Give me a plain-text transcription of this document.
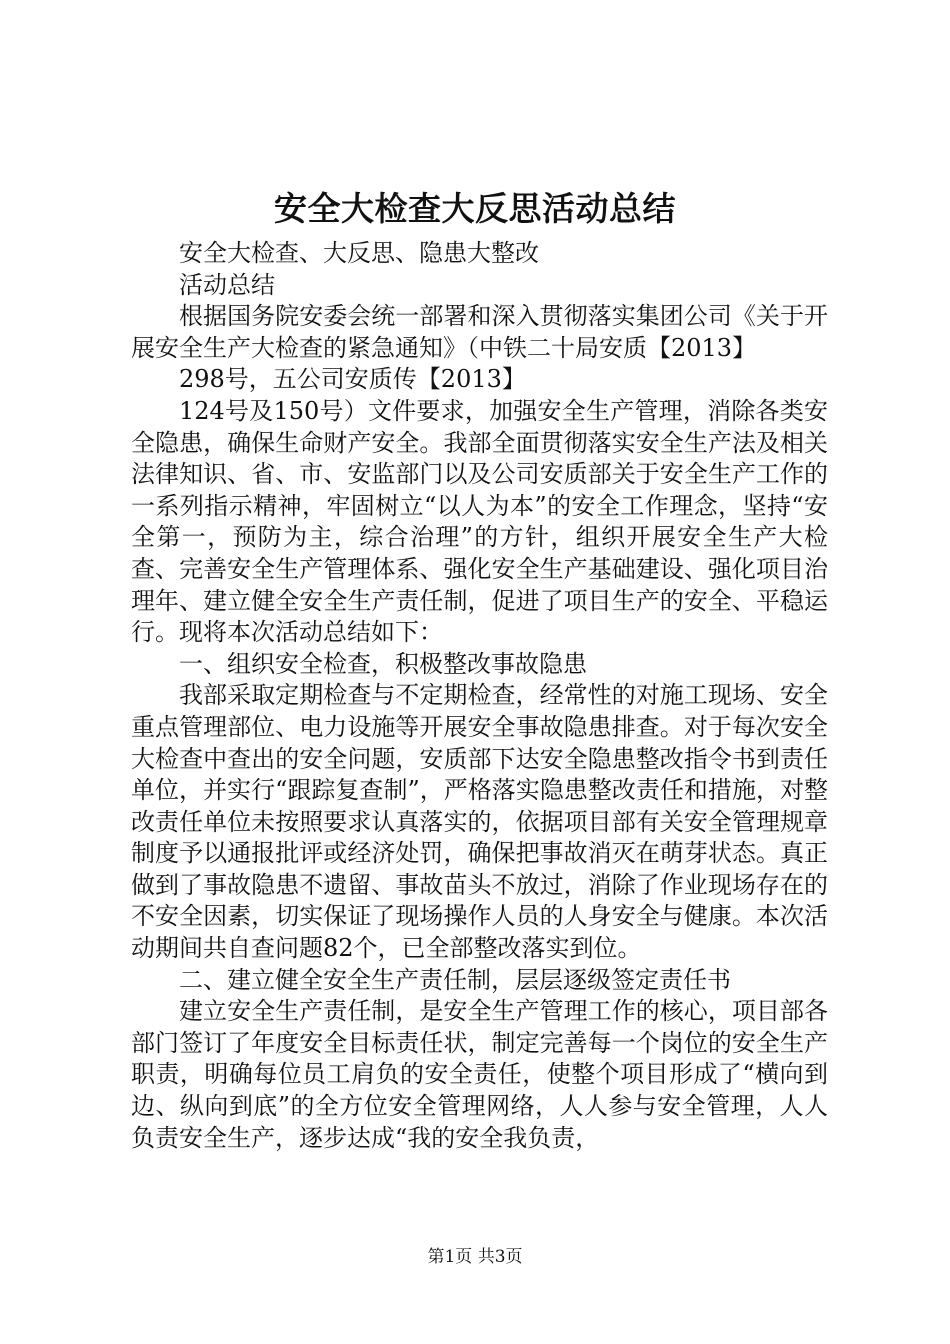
安全大检查大反思活动总结

安全大检查、大反思、隐患大整改

活动总结

根据国务院安委会统一部署和深入贯彻落实集团公司《关于开展安全生产大检查的紧急通知》（中铁二十局安质【2013】

298号，五公司安质传【2013】

124号及150号）文件要求，加强安全生产管理，消除各类安全隐患，确保生命财产安全。我部全面贯彻落实安全生产法及相关法律知识、省、市、安监部门以及公司安质部关于安全生产工作的一系列指示精神，牢固树立“以人为本”的安全工作理念，坚持“安全第一，预防为主，综合治理”的方针，组织开展安全生产大检查、完善安全生产管理体系、强化安全生产基础建设、强化项目治理年、建立健全安全生产责任制，促进了项目生产的安全、平稳运行。现将本次活动总结如下：

一、组织安全检查，积极整改事故隐患

我部采取定期检查与不定期检查，经常性的对施工现场、安全重点管理部位、电力设施等开展安全事故隐患排查。对于每次安全大检查中查出的安全问题，安质部下达安全隐患整改指令书到责任单位，并实行“跟踪复查制”，严格落实隐患整改责任和措施，对整改责任单位未按照要求认真落实的，依据项目部有关安全管理规章制度予以通报批评或经济处罚，确保把事故消灭在萌芽状态。真正做到了事故隐患不遗留、事故苗头不放过，消除了作业现场存在的不安全因素，切实保证了现场操作人员的人身安全与健康。本次活动期间共自查问题82个，已全部整改落实到位。

二、建立健全安全生产责任制，层层逐级签定责任书

建立安全生产责任制，是安全生产管理工作的核心，项目部各部门签订了年度安全目标责任状，制定完善每一个岗位的安全生产职责，明确每位员工肩负的安全责任，使整个项目形成了“横向到边、纵向到底”的全方位安全管理网络，人人参与安全管理，人人负责安全生产，逐步达成“我的安全我负责，

第1页 共3页
